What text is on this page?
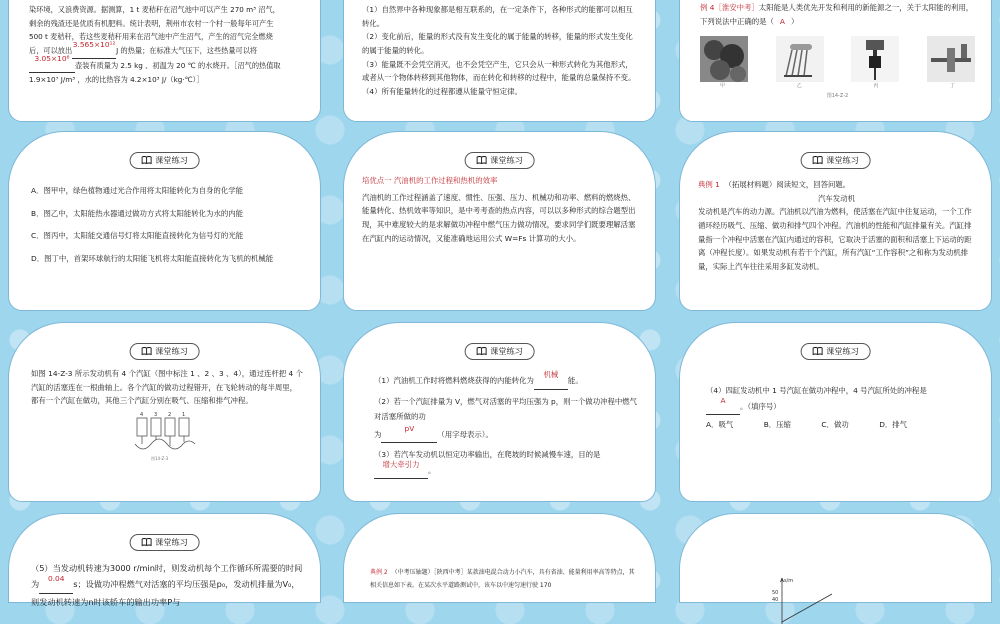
染环境，又浪费资源。据测算，1 t 麦秸秆在沼气池中可以产生 270 m³ 沼气，

剩余的残渣还是优质有机肥料。统计表明，荆州市农村一个村一般每年可产生

500 t 麦秸秆，若这些麦秸秆用来在沼气池中产生沼气，产生的沼气完全燃烧

后，可以放出
3.565×10¹²
J 的热量；在标准大气压下，这些热量可以将

3.05×10⁶
壶装有质量为 2.5 kg 、初温为 20 ℃ 的水烧开。［沼气的热值取

1.9×10⁷ J/m³ ，水的比热容为 4.2×10³ J/（kg·℃）］

（1）自然界中各种现象都是相互联系的，在一定条件下，各种形式的能都可以相互转化。

（2）变化前后，能量的形式没有发生变化的属于能量的转移，能量的形式发生变化的属于能量的转化。

（3）能量既不会凭空消灭，也不会凭空产生，它只会从一种形式转化为其他形式，或者从一个物体转移到其他物体，而在转化和转移的过程中，能量的总量保持不变。

（4）所有能量转化的过程都遵从能量守恒定律。

例 4［淮安中考］太阳能是人类优先开发和利用的新能源之一，关于太阳能的利用，下列说法中正确的是（ A ）

甲	乙	丙	丁

图14-Z-2

课堂练习

A．图甲中，绿色植物通过光合作用将太阳能转化为自身的化学能

B．图乙中，太阳能热水器通过做功方式将太阳能转化为水的内能

C．图丙中，太阳能交通信号灯将太阳能直接转化为信号灯的光能

D．图丁中，首架环球航行的太阳能飞机将太阳能直接转化为飞机的机械能

课堂练习

培优点一 汽油机的工作过程和热机的效率

汽油机的工作过程涵盖了速度、惯性、压强、压力、机械功和功率、燃料的燃烧热、能量转化、热机效率等知识，是中考考查的热点内容，可以以多种形式的综合题型出现，其中难度较大的是求解做功冲程中燃气压力做功情况，要求同学们既要理解活塞在汽缸内的运动情况，又能准确地运用公式 W=Fs 计算功的大小。

课堂练习

典例 1 （拓展材料题）阅读短文，回答问题。

汽车发动机

发动机是汽车的动力源。汽油机以汽油为燃料，使活塞在汽缸中往复运动，一个工作循环经历吸气、压缩、做功和排气四个冲程。汽油机的性能和汽缸排量有关。汽缸排量指一个冲程中活塞在汽缸内通过的容积，它取决于活塞的面积和活塞上下运动的距离（冲程长度）。如果发动机有若干个汽缸，所有汽缸“工作容积”之和称为发动机排量，实际上汽车往往采用多缸发动机。

课堂练习

如图 14-Z-3 所示发动机有 4 个汽缸（图中标注 1 、2 、3 、4），通过连杆把 4 个汽缸的活塞连在一根曲轴上。各个汽缸的做功过程错开，在飞轮转动的每半周里，都有一个汽缸在做功，其他三个汽缸分别在吸气、压缩和排气冲程。

4 3 2 1
图14-Z-3
课堂练习

（1）汽油机工作时将燃料燃烧获得的内能转化为
机械
能。

（2）若一个汽缸排量为 V，燃气对活塞的平均压强为 p，则一个做功冲程中燃气对活塞所做的功

为
pV
（用字母表示）。

（3）若汽车发动机以恒定功率输出，在爬坡的时候减慢车速，目的是

增大牵引力
。

课堂练习

（4）四缸发动机中 1 号汽缸在做功冲程中，4 号汽缸所处的冲程是

A
。（填序号）

A．吸气	B．压缩	C．做功	D．排气

课堂练习

（5）当发动机转速为3000 r/min时，则发动机每个工作循环所需要的时间为
0.04
s；设做功冲程燃气对活塞的平均压强是p₀，发动机排量为V₀，则发动机转速为n时该轿车的输出功率P与

典例 2 （中考压轴题）［陕西中考］某款油电混合动力小汽车，具有省油、能量利用率高等特点，其相关信息如下表。在某次水平道路测试中，该车以中速匀速行驶 170

s/m
50
40
